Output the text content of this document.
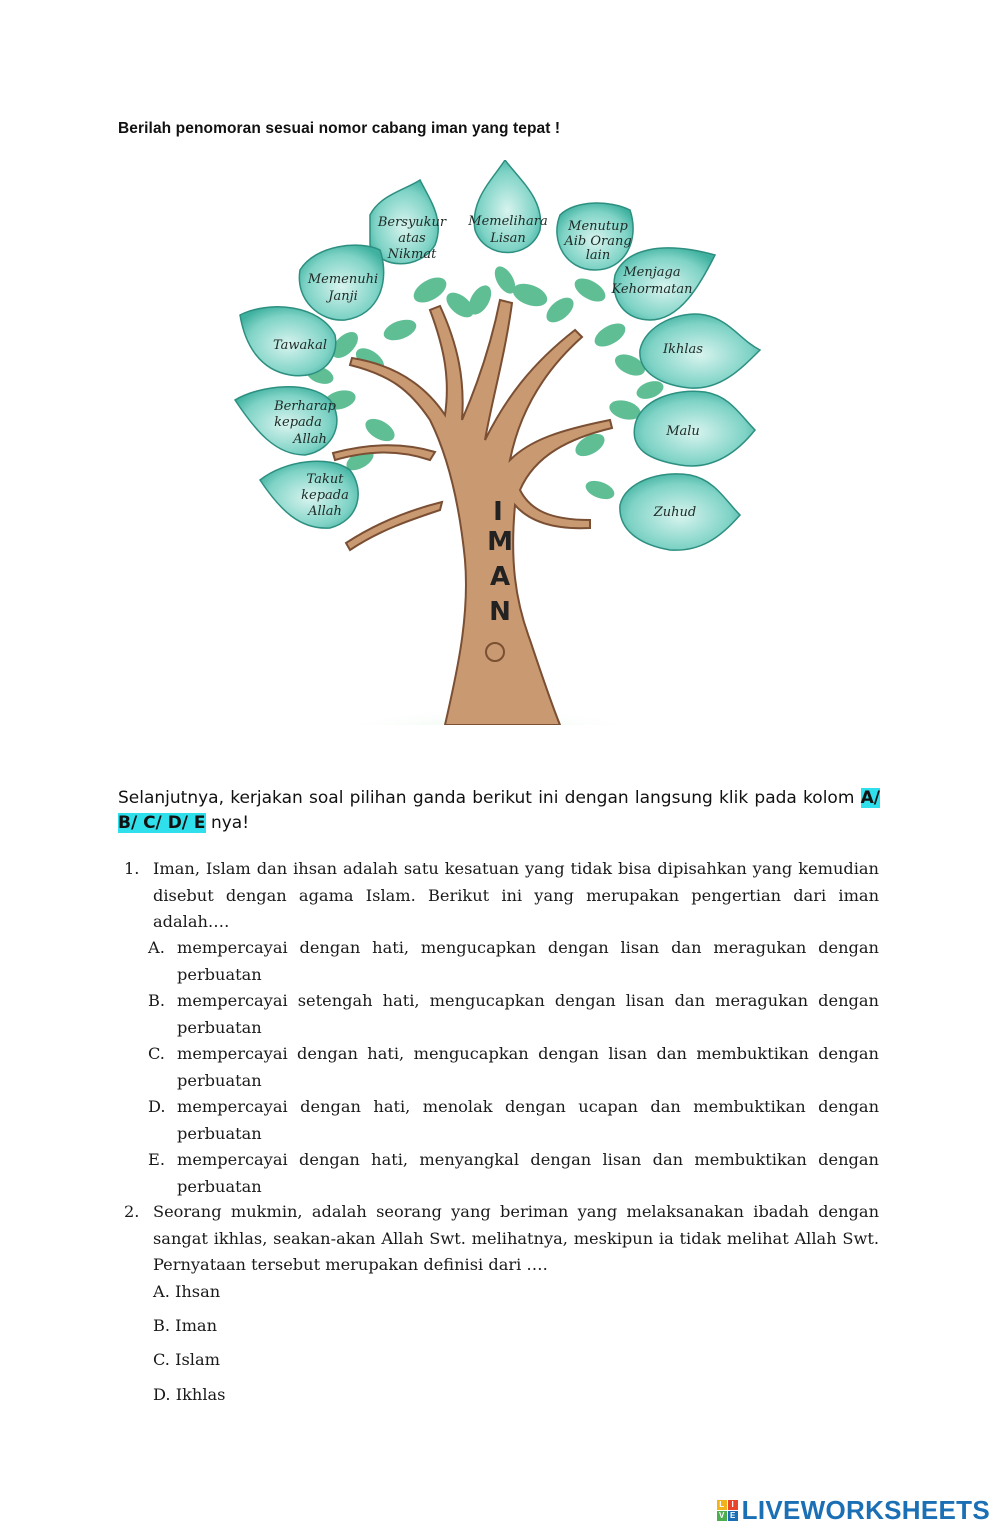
Berilah penomoran sesuai nomor cabang iman yang tepat !
I
M
A
N
Bersyukur
atas
Nikmat
Memelihara
Lisan
Menutup
Aib Orang
lain
Menjaga
Kehormatan
Memenuhi
Janji
Tawakal	Ikhlas
Berharap
kepada
Allah
Malu
Takut
kepada
Allah	Zuhud
Selanjutnya, kerjakan soal pilihan ganda berikut ini dengan langsung klik pada kolom A/ B/ C/ D/ E nya!
1. Iman, Islam dan ihsan adalah satu kesatuan yang tidak bisa dipisahkan yang kemudian disebut dengan agama Islam. Berikut ini yang merupakan pengertian dari iman adalah….
A. mempercayai dengan hati, mengucapkan dengan lisan dan meragukan dengan perbuatan
B. mempercayai setengah hati, mengucapkan dengan lisan dan meragukan dengan perbuatan
C. mempercayai dengan hati, mengucapkan dengan lisan dan membuktikan dengan perbuatan
D. mempercayai dengan hati, menolak dengan ucapan dan membuktikan dengan perbuatan
E. mempercayai dengan hati, menyangkal dengan lisan dan membuktikan dengan perbuatan
2. Seorang mukmin, adalah seorang yang beriman yang melaksanakan ibadah dengan sangat ikhlas, seakan-akan Allah Swt. melihatnya, meskipun ia tidak melihat Allah Swt. Pernyataan tersebut merupakan definisi dari ….
A. Ihsan
B. Iman
C. Islam
D. Ikhlas
L I
V E LIVEWORKSHEETS
